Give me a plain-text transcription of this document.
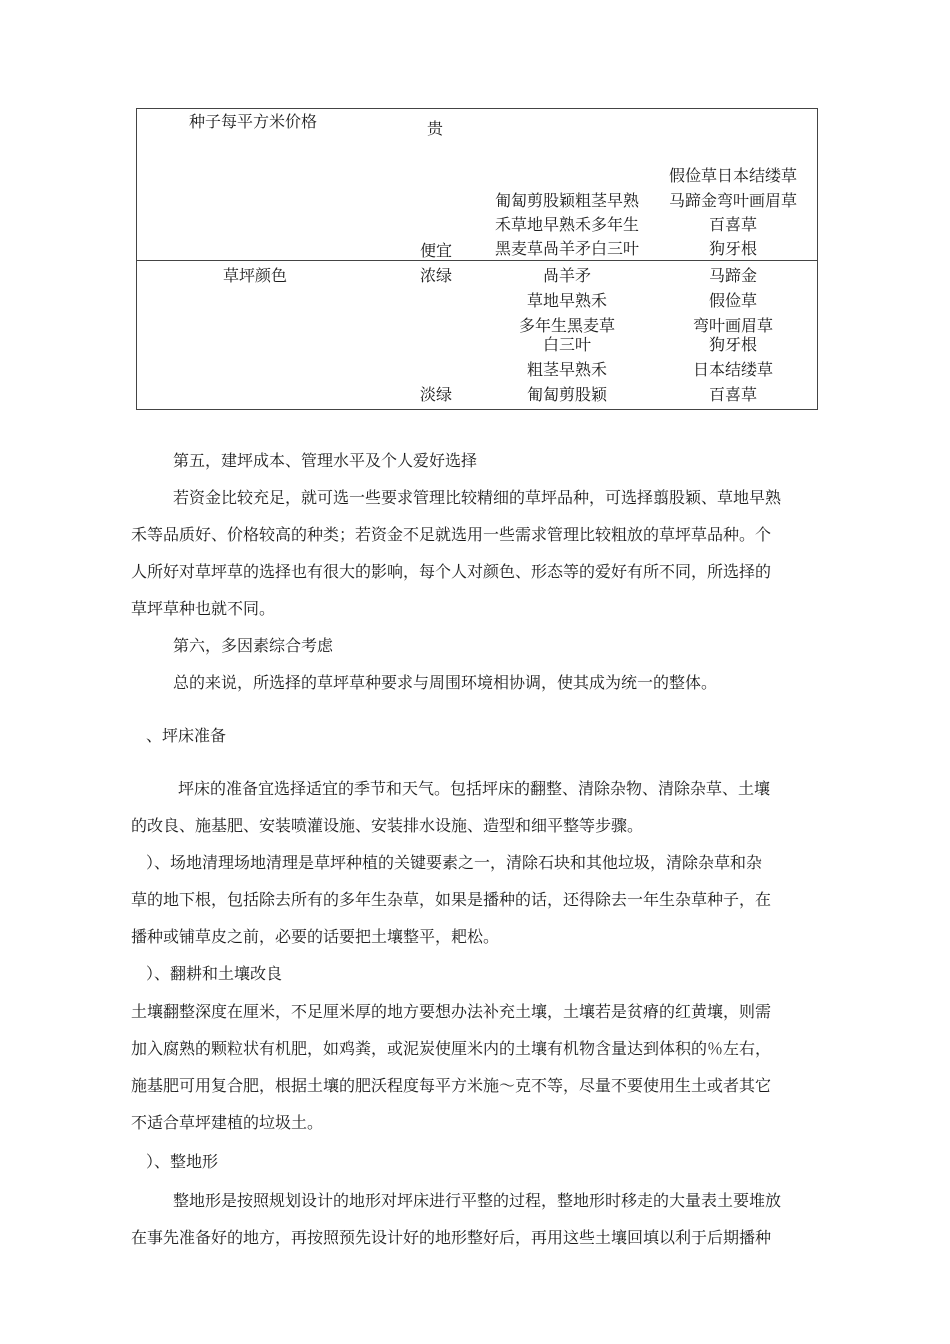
种子每平方米价格	贵
便宜
匍匐剪股颖粗茎早熟
禾草地早熟禾多年生
黑麦草咼羊矛白三叶
假俭草日本结缕草
马蹄金弯叶画眉草
百喜草
狗牙根
草坪颜色	浓绿
淡绿
咼羊矛
草地早熟禾
多年生黑麦草
白三叶
粗茎早熟禾
匍匐剪股颖
马蹄金
假俭草
弯叶画眉草
狗牙根
日本结缕草
百喜草
第五，建坪成本、管理水平及个人爱好选择
若资金比较充足，就可选一些要求管理比较精细的草坪品种，可选择翦股颖、草地早熟
禾等品质好、价格较高的种类；若资金不足就选用一些需求管理比较粗放的草坪草品种。个
人所好对草坪草的选择也有很大的影响，每个人对颜色、形态等的爱好有所不同，所选择的
草坪草种也就不同。
第六，多因素综合考虑
总的来说，所选择的草坪草种要求与周围环境相协调，使其成为统一的整体。
、坪床准备
坪床的准备宜选择适宜的季节和天气。包括坪床的翻整、清除杂物、清除杂草、土壤
的改良、施基肥、安装喷灌设施、安装排水设施、造型和细平整等步骤。
）、场地清理场地清理是草坪种植的关键要素之一，清除石块和其他垃圾，清除杂草和杂
草的地下根，包括除去所有的多年生杂草，如果是播种的话，还得除去一年生杂草种子，在
播种或铺草皮之前，必要的话要把土壤整平，耙松。
）、翻耕和土壤改良
土壤翻整深度在厘米，不足厘米厚的地方要想办法补充土壤，土壤若是贫瘠的红黄壤，则需
加入腐熟的颗粒状有机肥，如鸡粪，或泥炭使厘米内的土壤有机物含量达到体积的％左右，
施基肥可用复合肥，根据土壤的肥沃程度每平方米施～克不等，尽量不要使用生土或者其它
不适合草坪建植的垃圾土。
）、整地形
整地形是按照规划设计的地形对坪床进行平整的过程，整地形时移走的大量表土要堆放
在事先准备好的地方，再按照预先设计好的地形整好后，再用这些土壤回填以利于后期播种
